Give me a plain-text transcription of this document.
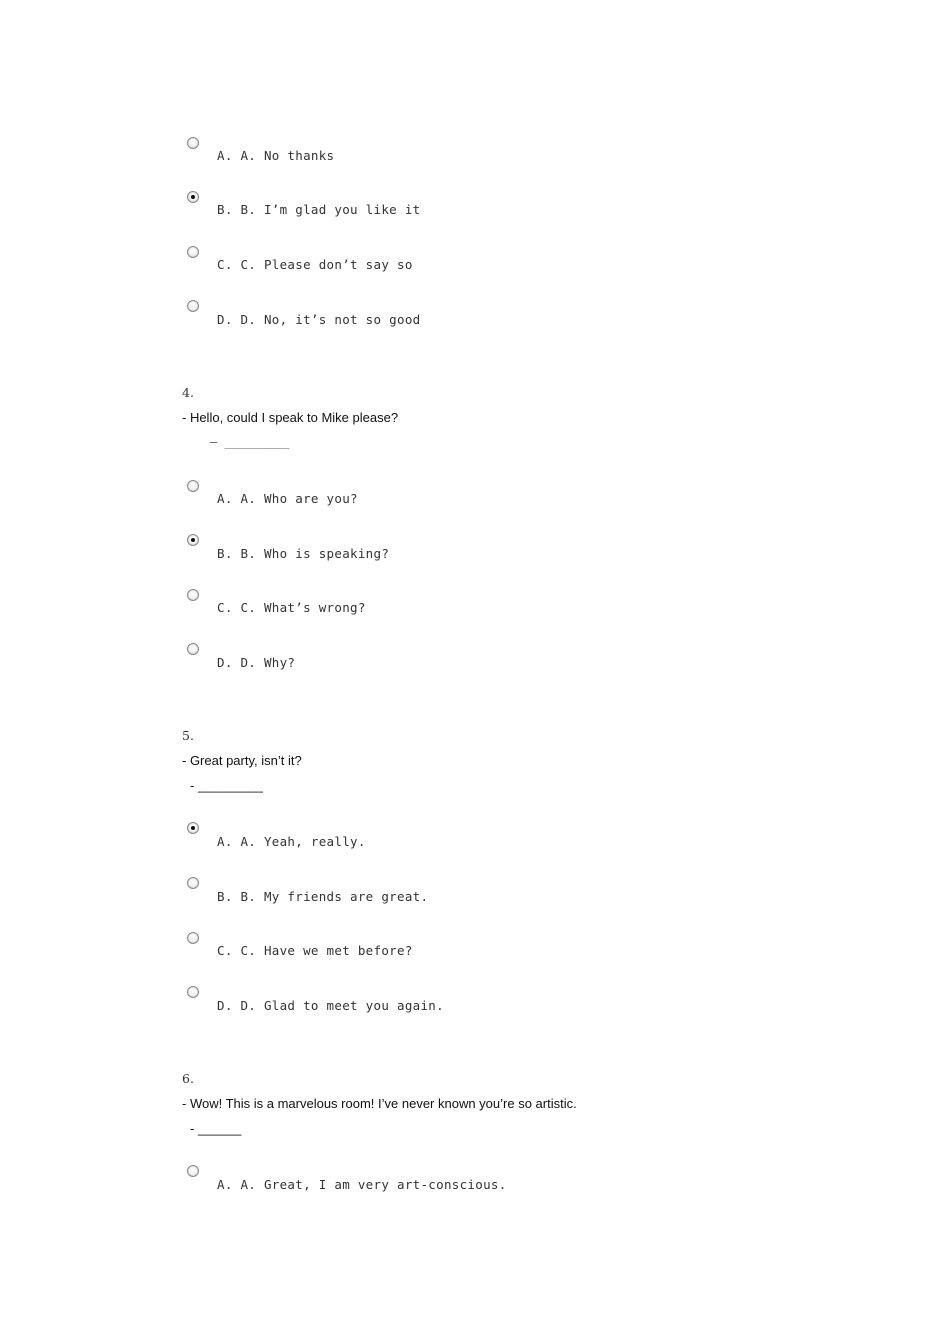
A. A. No thanks
B. B. I’m glad you like it
C. C. Please don’t say so
D. D. No, it’s not so good
4.
- Hello, could I speak to Mike please?
– _________
A. A. Who are you?
B. B. Who is speaking?
C. C. What’s wrong?
D. D. Why?
5.
- Great party, isn’t it?
- _________
A. A. Yeah, really.
B. B. My friends are great.
C. C. Have we met before?
D. D. Glad to meet you again.
6.
- Wow! This is a marvelous room! I’ve never known you’re so artistic.
- ______
A. A. Great, I am very art-conscious.
